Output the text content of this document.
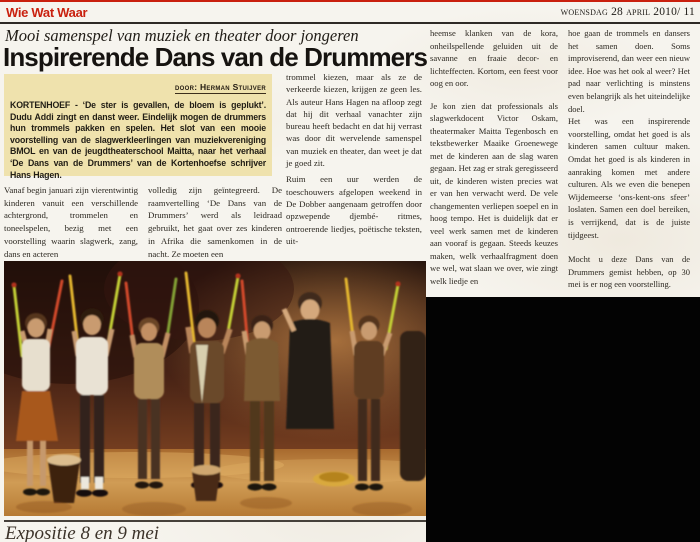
Wie Wat Waar	woensdag 28 april 2010/ 11
Mooi samenspel van muziek en theater door jongeren
Inspirerende Dans van de Drummers
door: Herman Stuijver

KORTENHOEF - ‘De ster is gevallen, de bloem is geplukt’. Dudu Addi zingt en danst weer. Eindelijk mogen de drummers hun trommels pakken en spelen. Het slot van een mooie voorstelling van de slagwerkleerlingen van muziekvereniging BMOL en van de jeugdtheaterschool Maitta, naar het verhaal ‘De Dans van de Drummers’ van de Kortenhoefse schrijver Hans Hagen.

Vanaf begin januari zijn vierentwintig kinderen vanuit een verschillende achtergrond, trommelen en toneelspelen, bezig met een voorstelling waarin slagwerk, zang, dans en acteren

volledig zijn geïntegreerd. De raamvertelling ‘De Dans van de Drummers’ werd als leidraad gebruikt, het gaat over zes kinderen in Afrika die samenkomen in de nacht. Ze moeten een

trommel kiezen, maar als ze de verkeerde kiezen, krijgen ze geen les. Als auteur Hans Hagen na afloop zegt dat hij dit verhaal vanachter zijn bureau heeft bedacht en dat hij verrast was door dit wervelende samenspel van muziek en theater, dan weet je dat je goed zit.

Ruim een uur werden de toeschouwers afgelopen weekend in De Dobber aangenaam getroffen door opzwepende djembé- ritmes, ontroerende liedjes, poëtische teksten, uit-

heemse klanken van de kora, onheilspellende geluiden uit de savanne en fraaie decor- en lichteffecten. Kortom, een feest voor oog en oor.

Je kon zien dat professionals als slagwerkdocent Victor Oskam, theatermaker Maitta Tegenbosch en tekstbewerker Maaike Groenewege met de kinderen aan de slag waren gegaan. Het zag er strak geregisseerd uit, de kinderen wisten precies wat er van hen verwacht werd. De vele changementen verliepen soepel en in hoog tempo. Het is duidelijk dat er veel werk samen met de kinderen aan vooraf is gegaan. Steeds keuzes maken, welk verhaalfragment doen we wel, wat slaan we over, wie zingt welk liedje en

hoe gaan de trommels en dansers het samen doen. Soms improviserend, dan weer een nieuw idee. Hoe was het ook al weer? Het pad naar verlichting is minstens even belangrijk als het uiteindelijke doel.

Het was een inspirerende voorstelling, omdat het goed is als kinderen samen cultuur maken. Omdat het goed is als kinderen in aanraking komen met andere culturen. Als we even die benepen Wijdemeerse ‘ons-kent-ons sfeer’ loslaten. Samen een doel bereiken, is verrijkend, dat is de juiste tijdgeest.

Mocht u deze Dans van de Drummers gemist hebben, op 30 mei is er nog een voorstelling.

Expositie 8 en 9 mei
